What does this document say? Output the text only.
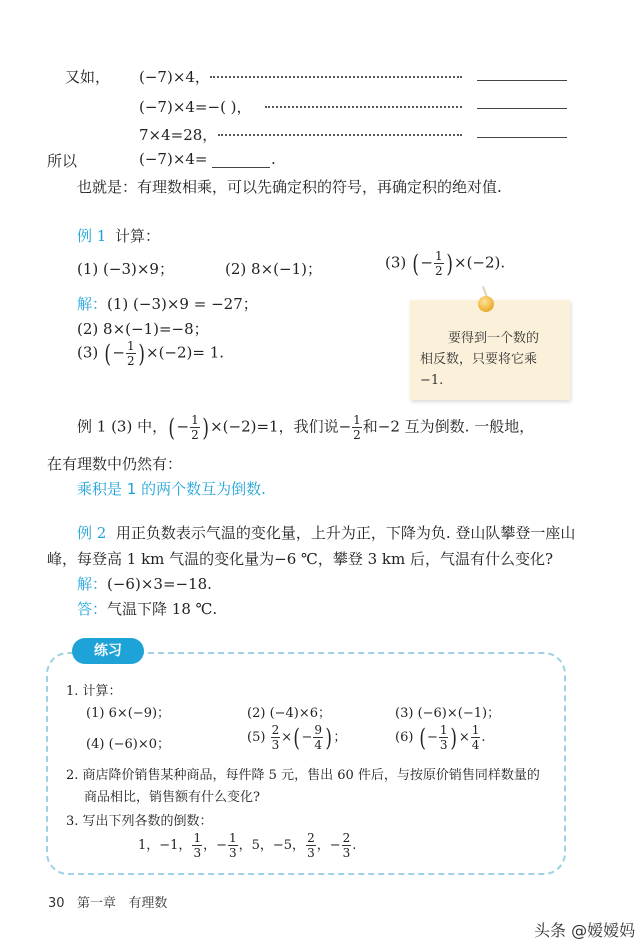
又如， (−7)×4，
(−7)×4=−( )，
7×4=28，
所以	(−7)×4=	.
也就是：有理数相乘，可以先确定积的符号，再确定积的绝对值.
例 1 计算：
(1) (−3)×9；	(2) 8×(−1)；	(3) (− $\frac{1}{2} )\times(-2)$.
解：(1) (−3)×9 = −27；
(2) 8×(−1)=−8；
(3) (− $\frac{1}{2} )\times(-2)= 1$.
要得到一个数的
相反数，只要将它乘
−1.
例 1 (3) 中，(− $\frac{1}{2} )\times(-2)=1$，我们说− $\frac{1}{2}$ 和−2 互为倒数. 一般地，
在有理数中仍然有：
乘积是 1 的两个数互为倒数.
例 2 用正负数表示气温的变化量，上升为正，下降为负. 登山队攀登一座山
峰，每登高 1 km 气温的变化量为−6 ℃，攀登 3 km 后，气温有什么变化?
解：(−6)×3=−18.
答：气温下降 18 ℃.
练习
1. 计算：
(1) 6×(−9)；	(2) (−4)×6；	(3) (−6)×(−1)；
(4) (−6)×0；	$(5) \frac{2}{3}$ ×(− $\frac{9}{4}$ )；	(6) (− $\frac{1}{3}$ )× $\frac{1}{4}$ .
2. 商店降价销售某种商品，每件降 5 元，售出 60 件后，与按原价销售同样数量的
商品相比，销售额有什么变化?
3. 写出下列各数的倒数：
1，−1， $\frac{1}{3}$ ，− $\frac{1}{3}$ ，5，−5， $\frac{2}{3}$ ，− $\frac{2}{3}$ .
30 第一章 有理数
头条 @嫒嫒妈
